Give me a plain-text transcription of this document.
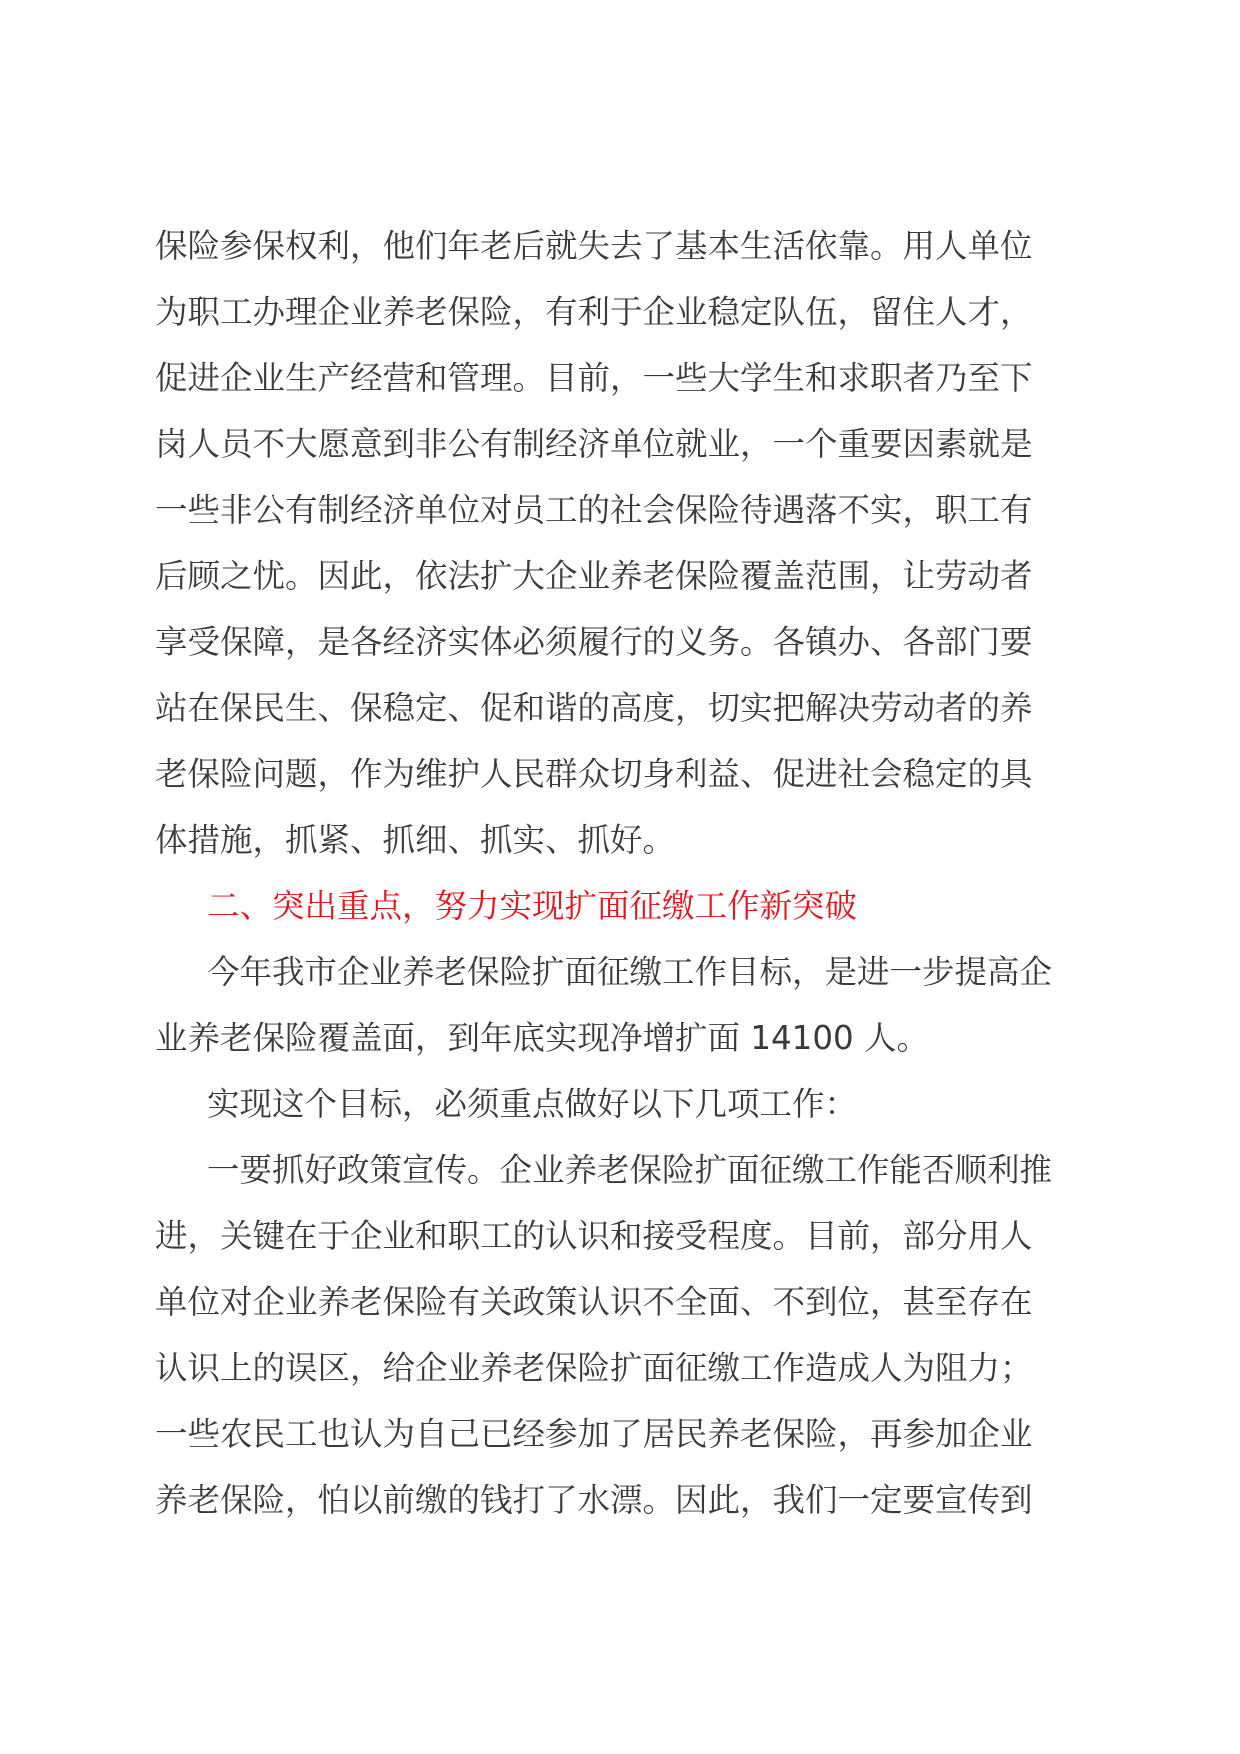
保险参保权利，他们年老后就失去了基本生活依靠。用人单位
为职工办理企业养老保险，有利于企业稳定队伍，留住人才，
促进企业生产经营和管理。目前，一些大学生和求职者乃至下
岗人员不大愿意到非公有制经济单位就业，一个重要因素就是
一些非公有制经济单位对员工的社会保险待遇落不实，职工有
后顾之忧。因此，依法扩大企业养老保险覆盖范围，让劳动者
享受保障，是各经济实体必须履行的义务。各镇办、各部门要
站在保民生、保稳定、促和谐的高度，切实把解决劳动者的养
老保险问题，作为维护人民群众切身利益、促进社会稳定的具
体措施，抓紧、抓细、抓实、抓好。
二、突出重点，努力实现扩面征缴工作新突破
今年我市企业养老保险扩面征缴工作目标，是进一步提高企
业养老保险覆盖面，到年底实现净增扩面 14100 人。
实现这个目标，必须重点做好以下几项工作：
一要抓好政策宣传。企业养老保险扩面征缴工作能否顺利推
进，关键在于企业和职工的认识和接受程度。目前，部分用人
单位对企业养老保险有关政策认识不全面、不到位，甚至存在
认识上的误区，给企业养老保险扩面征缴工作造成人为阻力；
一些农民工也认为自己已经参加了居民养老保险，再参加企业
养老保险，怕以前缴的钱打了水漂。因此，我们一定要宣传到
